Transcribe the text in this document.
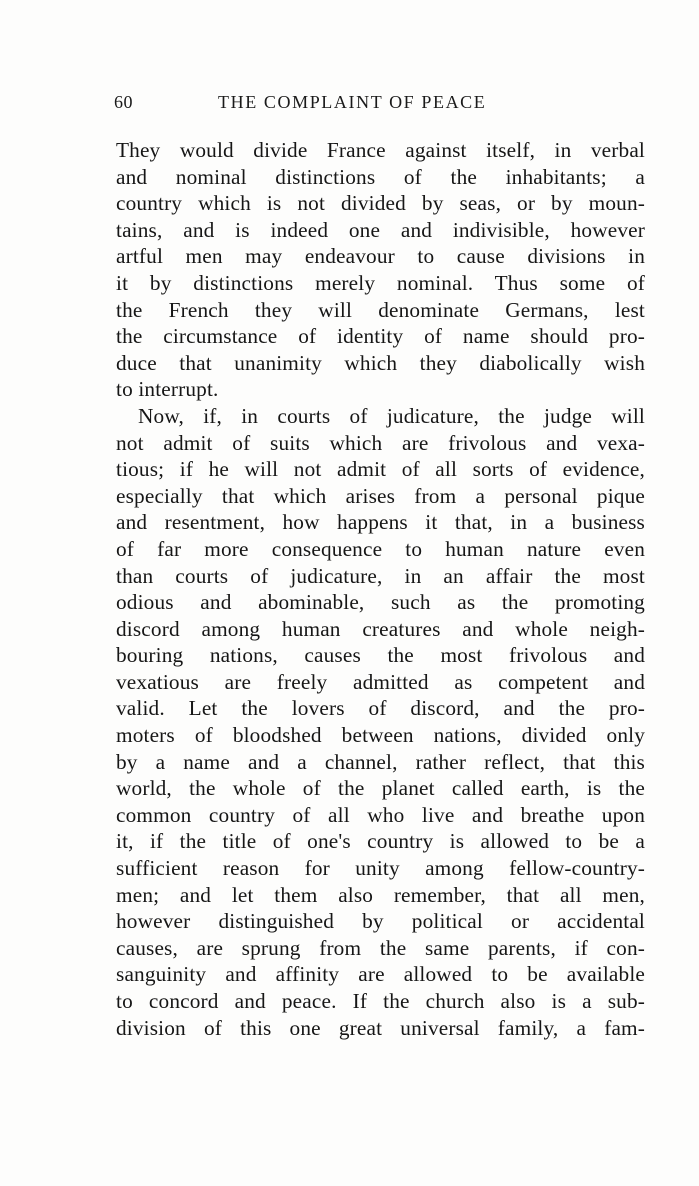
60	THE COMPLAINT OF PEACE
They would divide France against itself, in verbal
and nominal distinctions of the inhabitants; a
country which is not divided by seas, or by moun-
tains, and is indeed one and indivisible, however
artful men may endeavour to cause divisions in
it by distinctions merely nominal. Thus some of
the French they will denominate Germans, lest
the circumstance of identity of name should pro-
duce that unanimity which they diabolically wish
to interrupt.
Now, if, in courts of judicature, the judge will
not admit of suits which are frivolous and vexa-
tious; if he will not admit of all sorts of evidence,
especially that which arises from a personal pique
and resentment, how happens it that, in a business
of far more consequence to human nature even
than courts of judicature, in an affair the most
odious and abominable, such as the promoting
discord among human creatures and whole neigh-
bouring nations, causes the most frivolous and
vexatious are freely admitted as competent and
valid. Let the lovers of discord, and the pro-
moters of bloodshed between nations, divided only
by a name and a channel, rather reflect, that this
world, the whole of the planet called earth, is the
common country of all who live and breathe upon
it, if the title of one's country is allowed to be a
sufficient reason for unity among fellow-country-
men; and let them also remember, that all men,
however distinguished by political or accidental
causes, are sprung from the same parents, if con-
sanguinity and affinity are allowed to be available
to concord and peace. If the church also is a sub-
division of this one great universal family, a fam-
